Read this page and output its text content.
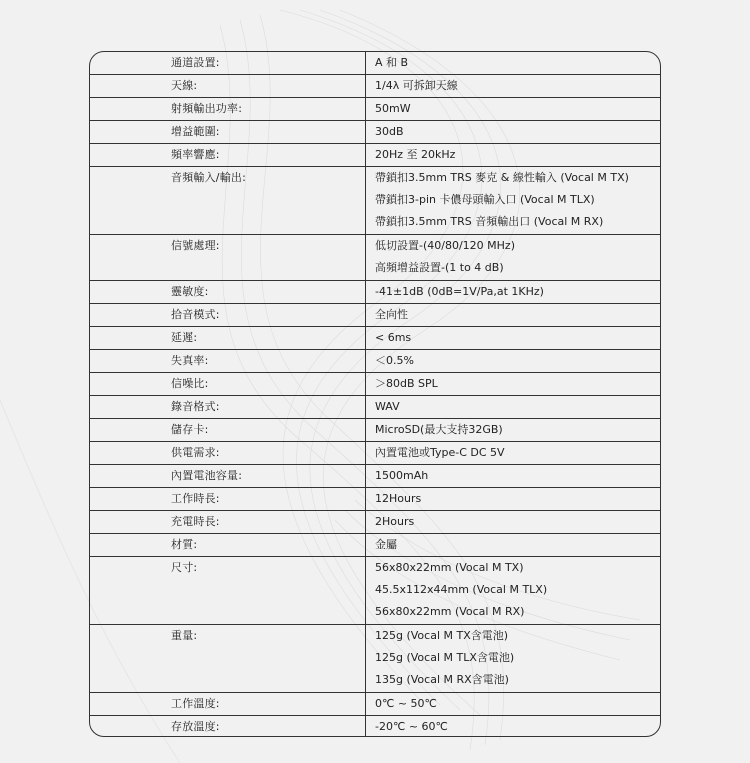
通道設置:	A 和 B
天線:	1/4λ 可拆卸天線
射頻輸出功率:	50mW
增益範圍:	30dB
頻率響應:	20Hz 至 20kHz
音頻輸入/輸出:	帶鎖扣3.5mm TRS 麥克 & 線性輸入 (Vocal M TX)
帶鎖扣3-pin 卡儂母頭輸入口 (Vocal M TLX)
帶鎖扣3.5mm TRS 音頻輸出口 (Vocal M RX)
信號處理:	低切設置-(40/80/120 MHz)
高頻增益設置-(1 to 4 dB)
靈敏度:	-41±1dB (0dB=1V/Pa,at 1KHz)
拾音模式:	全向性
延遲:	< 6ms
失真率:	＜0.5%
信噪比:	＞80dB SPL
錄音格式:	WAV
儲存卡:	MicroSD(最大支持32GB)
供電需求:	內置電池或Type-C DC 5V
內置電池容量:	1500mAh
工作時長:	12Hours
充電時長:	2Hours
材質:	金屬
尺寸:	56x80x22mm (Vocal M TX)
45.5x112x44mm (Vocal M TLX)
56x80x22mm (Vocal M RX)
重量:	125g (Vocal M TX含電池)
125g (Vocal M TLX含電池)
135g (Vocal M RX含電池)
工作溫度:	0℃ ~ 50℃
存放溫度:	-20℃ ~ 60℃
